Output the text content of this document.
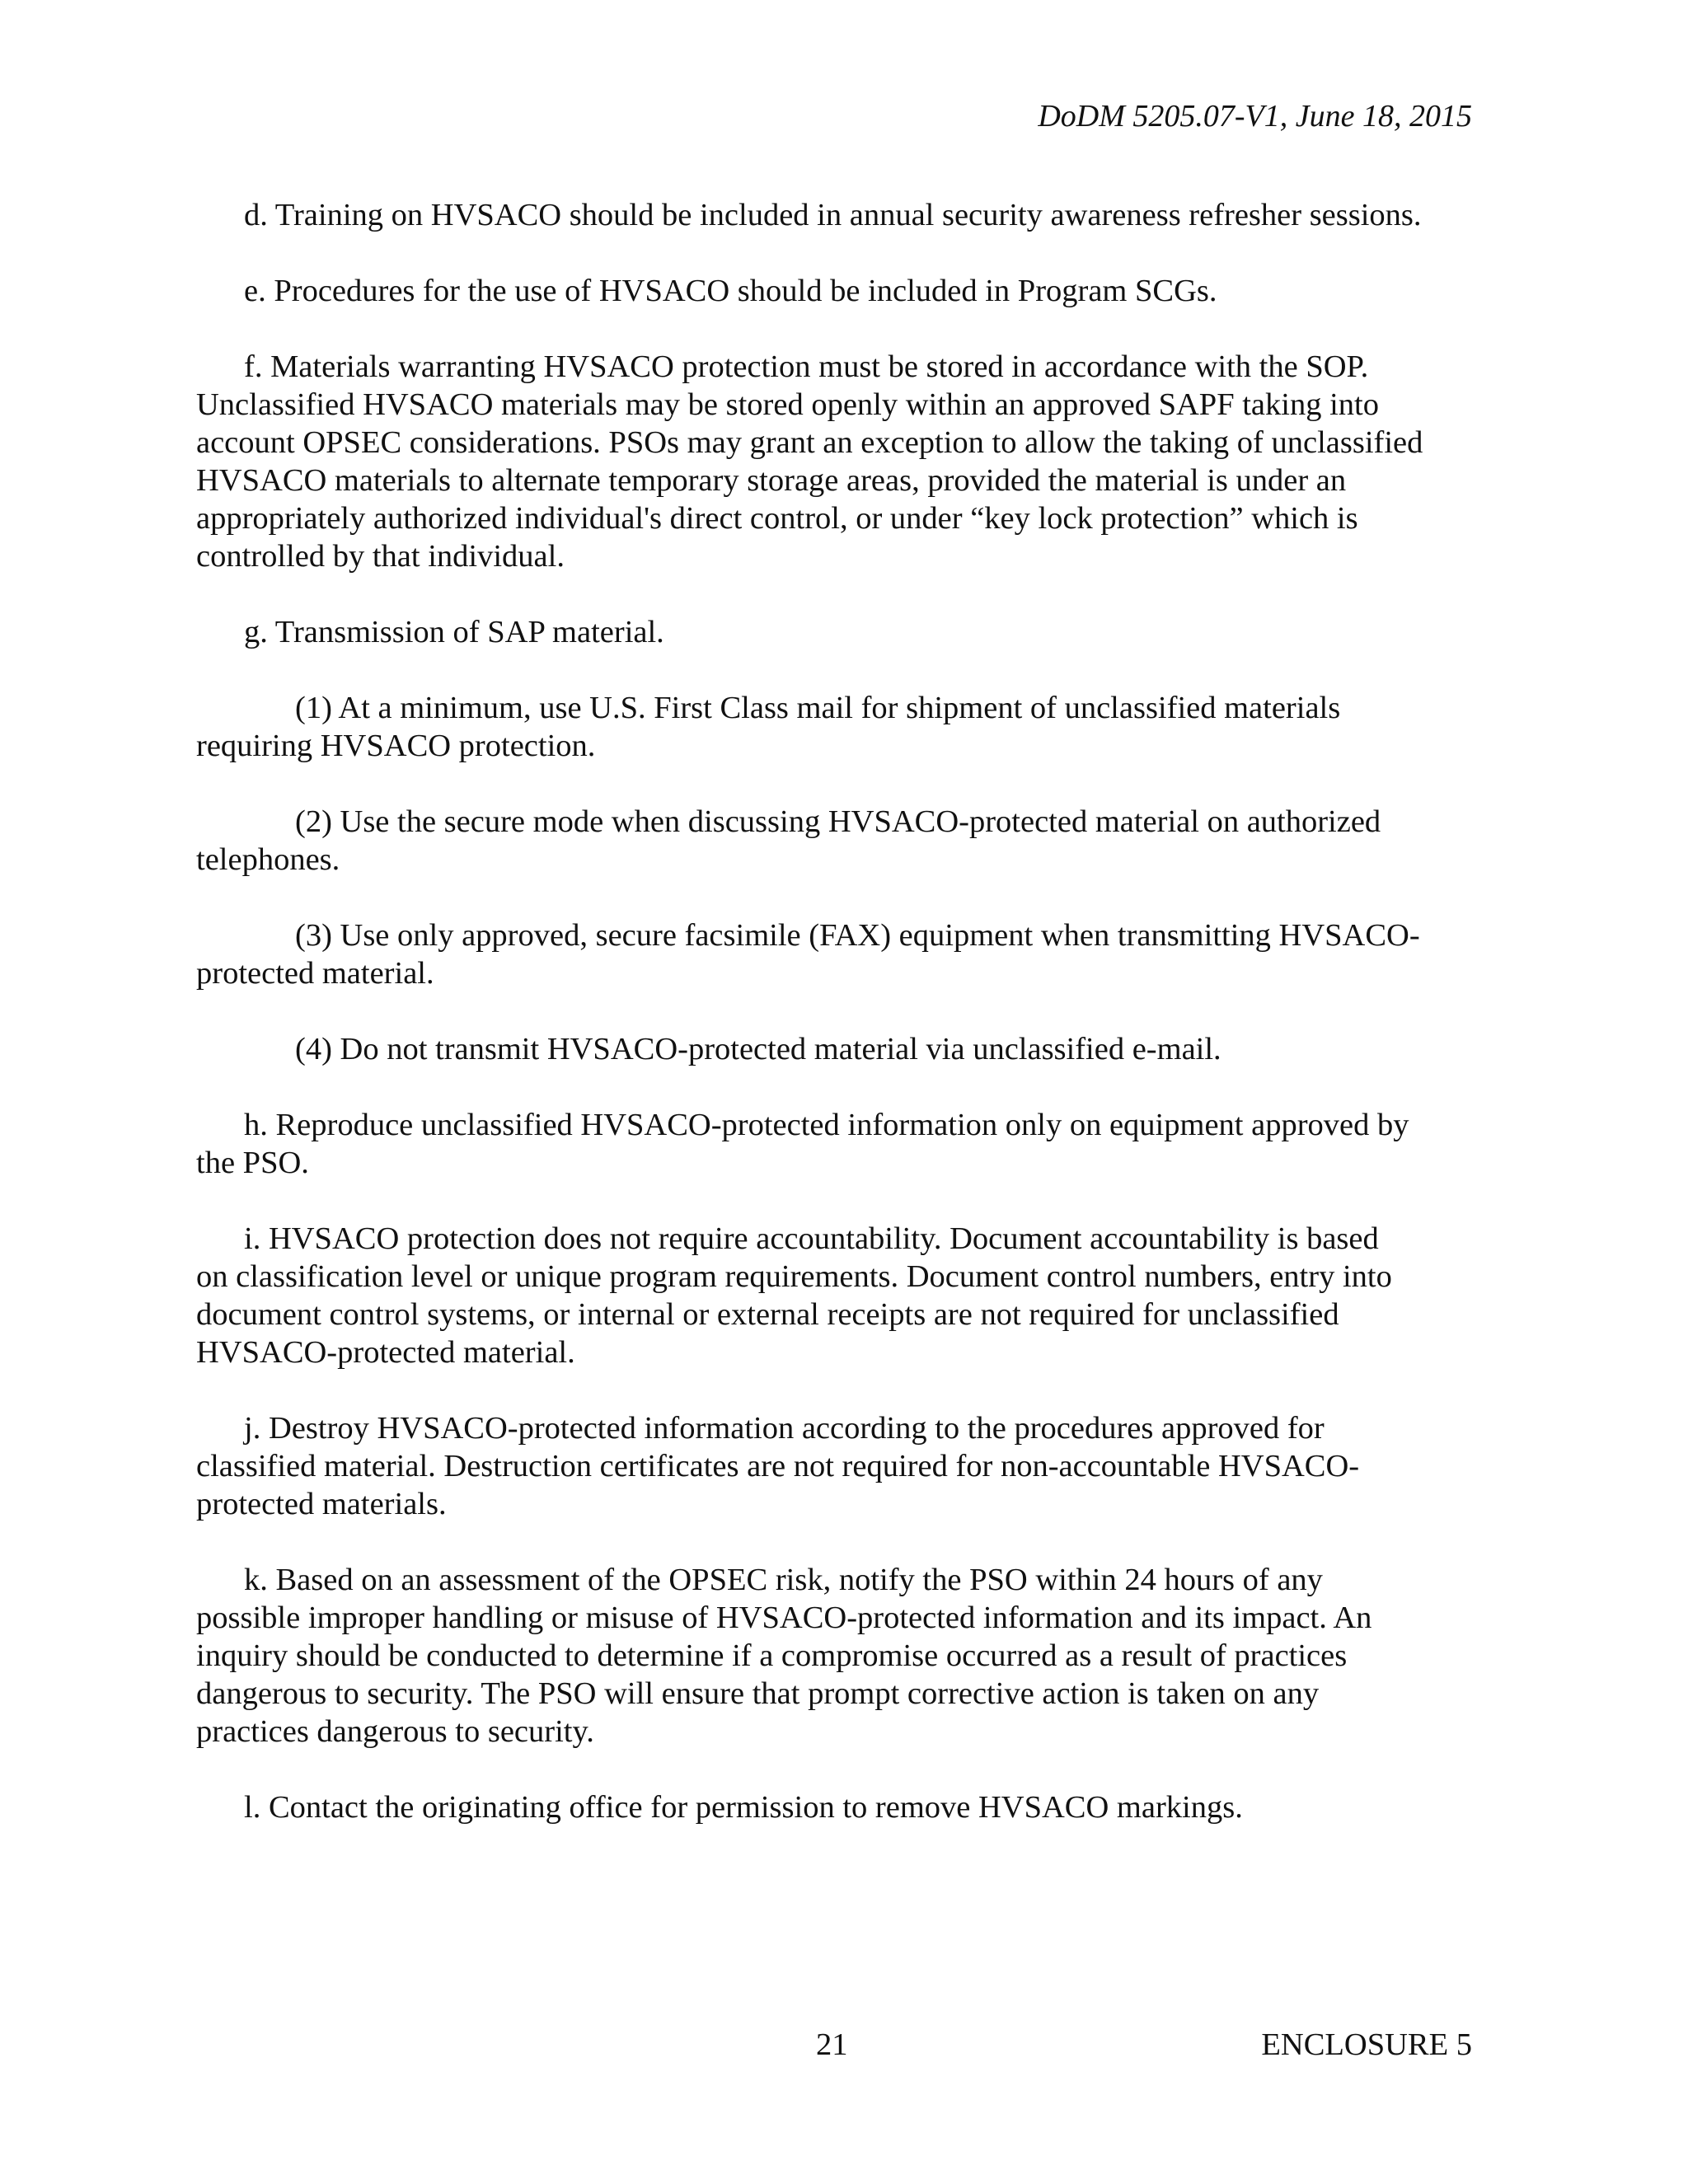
DoDM 5205.07-V1, June 18, 2015

d. Training on HVSACO should be included in annual security awareness refresher sessions.

e. Procedures for the use of HVSACO should be included in Program SCGs.

f. Materials warranting HVSACO protection must be stored in accordance with the SOP.
Unclassified HVSACO materials may be stored openly within an approved SAPF taking into
account OPSEC considerations. PSOs may grant an exception to allow the taking of unclassified
HVSACO materials to alternate temporary storage areas, provided the material is under an
appropriately authorized individual's direct control, or under “key lock protection” which is
controlled by that individual.

g. Transmission of SAP material.

(1) At a minimum, use U.S. First Class mail for shipment of unclassified materials
requiring HVSACO protection.

(2) Use the secure mode when discussing HVSACO-protected material on authorized
telephones.

(3) Use only approved, secure facsimile (FAX) equipment when transmitting HVSACO-
protected material.

(4) Do not transmit HVSACO-protected material via unclassified e-mail.

h. Reproduce unclassified HVSACO-protected information only on equipment approved by
the PSO.

i. HVSACO protection does not require accountability. Document accountability is based
on classification level or unique program requirements. Document control numbers, entry into
document control systems, or internal or external receipts are not required for unclassified
HVSACO-protected material.

j. Destroy HVSACO-protected information according to the procedures approved for
classified material. Destruction certificates are not required for non-accountable HVSACO-
protected materials.

k. Based on an assessment of the OPSEC risk, notify the PSO within 24 hours of any
possible improper handling or misuse of HVSACO-protected information and its impact. An
inquiry should be conducted to determine if a compromise occurred as a result of practices
dangerous to security. The PSO will ensure that prompt corrective action is taken on any
practices dangerous to security.

l. Contact the originating office for permission to remove HVSACO markings.

21	ENCLOSURE 5
